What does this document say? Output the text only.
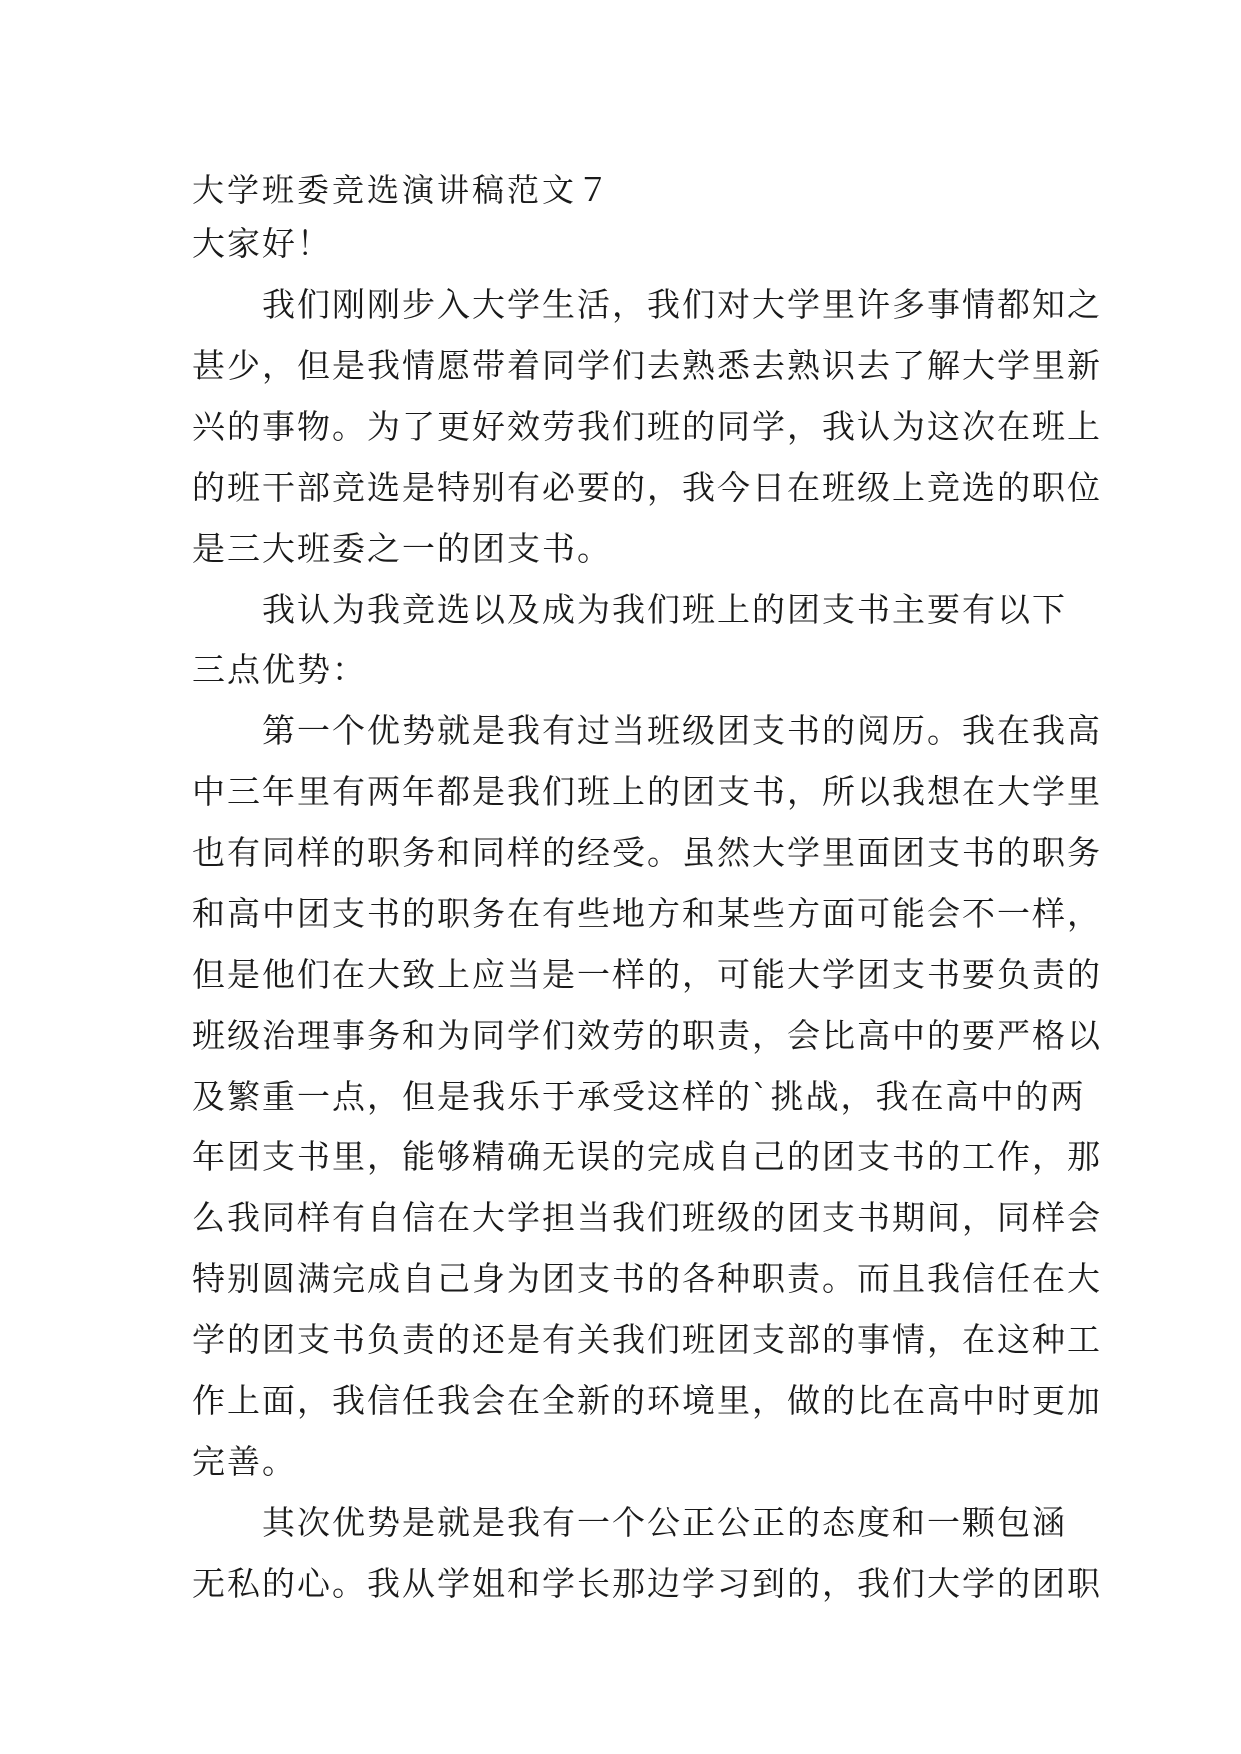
大学班委竞选演讲稿范文７
大家好！
　　我们刚刚步入大学生活，我们对大学里许多事情都知之
甚少，但是我情愿带着同学们去熟悉去熟识去了解大学里新
兴的事物。为了更好效劳我们班的同学，我认为这次在班上
的班干部竞选是特别有必要的，我今日在班级上竞选的职位
是三大班委之一的团支书。
　　我认为我竞选以及成为我们班上的团支书主要有以下
三点优势：
　　第一个优势就是我有过当班级团支书的阅历。我在我高
中三年里有两年都是我们班上的团支书，所以我想在大学里
也有同样的职务和同样的经受。虽然大学里面团支书的职务
和高中团支书的职务在有些地方和某些方面可能会不一样，
但是他们在大致上应当是一样的，可能大学团支书要负责的
班级治理事务和为同学们效劳的职责，会比高中的要严格以
及繁重一点，但是我乐于承受这样的`挑战，我在高中的两
年团支书里，能够精确无误的完成自己的团支书的工作，那
么我同样有自信在大学担当我们班级的团支书期间，同样会
特别圆满完成自己身为团支书的各种职责。而且我信任在大
学的团支书负责的还是有关我们班团支部的事情，在这种工
作上面，我信任我会在全新的环境里，做的比在高中时更加
完善。
　　其次优势是就是我有一个公正公正的态度和一颗包涵
无私的心。我从学姐和学长那边学习到的，我们大学的团职
